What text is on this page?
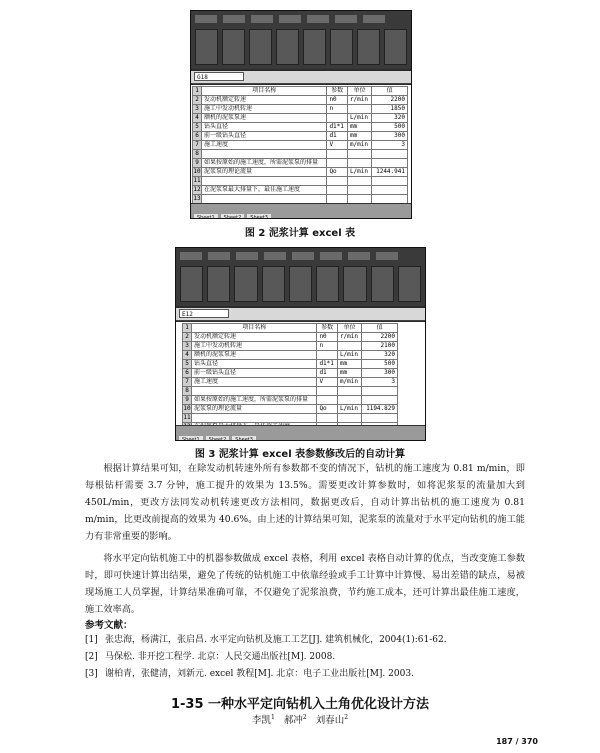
G18
1	项目名称	参数	单位	值
2	发动机额定转速	n0	r/min	2200
3	施工中发动机转速	n		1850
4	额机的泥浆泵速		L/min	320
5	钻头直径	d1*1	mm	500
6	前一级钻头直径	d1	mm	300
7	施工速度	V	m/min	3
8				
9	如果按原始的施工速度，所需泥浆泵的排量			
10	泥浆泵的理论流量	Qo	L/min	1244.941
11				
12	在泥浆泵最大排量下，最佳施工速度			
13				

Sheet1 Sheet2 Sheet3
图 2 泥浆计算 excel 表
E12
1	项目名称	参数	单位	值
2	发动机额定转速	n0	r/min	2200
3	施工中发动机转速	n		2100
4	额机的泥浆泵速		L/min	320
5	钻头直径	d1*1	mm	500
6	前一级钻头直径	d1	mm	300
7	施工速度	V	m/min	3
8				
9	如果按原始的施工速度，所需泥浆泵的排量			
10	泥浆泵的理论流量	Qo	L/min	1194.829
11				

Sheet1 Sheet2 Sheet3
图 3 泥浆计算 excel 表参数修改后的自动计算

根据计算结果可知，在除发动机转速外所有参数都不变的情况下，钻机的施工速度为 0.81 m/min，即每根钻杆需要 3.7 分钟，施工提升的效果为 13.5%。需要更改计算参数时，如将泥浆泵的流量加大到 450L/min，更改方法同发动机转速更改方法相同，数据更改后，自动计算出钻机的施工速度为 0.81 m/min，比更改前提高的效果为 40.6%。由上述的计算结果可知，泥浆泵的流量对于水平定向钻机的施工能力有非常重要的影响。

将水平定向钻机施工中的机器参数做成 excel 表格，利用 excel 表格自动计算的优点，当改变施工参数时，即可快速计算出结果，避免了传统的钻机施工中依靠经验或手工计算中计算慢、易出差错的缺点，易被现场施工人员掌握，计算结果准确可靠，不仅避免了泥浆浪费，节约施工成本，还可计算出最佳施工速度，施工效率高。

参考文献：
[1] 张忠海，杨满江，张启昌. 水平定向钻机及施工工艺[J]. 建筑机械化，2004(1):61-62.
[2] 马保松. 非开挖工程学. 北京：人民交通出版社[M]. 2008.
[3] 谢柏青，张健清，刘新元. excel 教程[M]. 北京：电子工业出版社[M]. 2003.
1-35 一种水平定向钻机入土角优化设计方法
李凯$^1$ 郝冲$^2$ 刘春山$^2$
187 / 370
